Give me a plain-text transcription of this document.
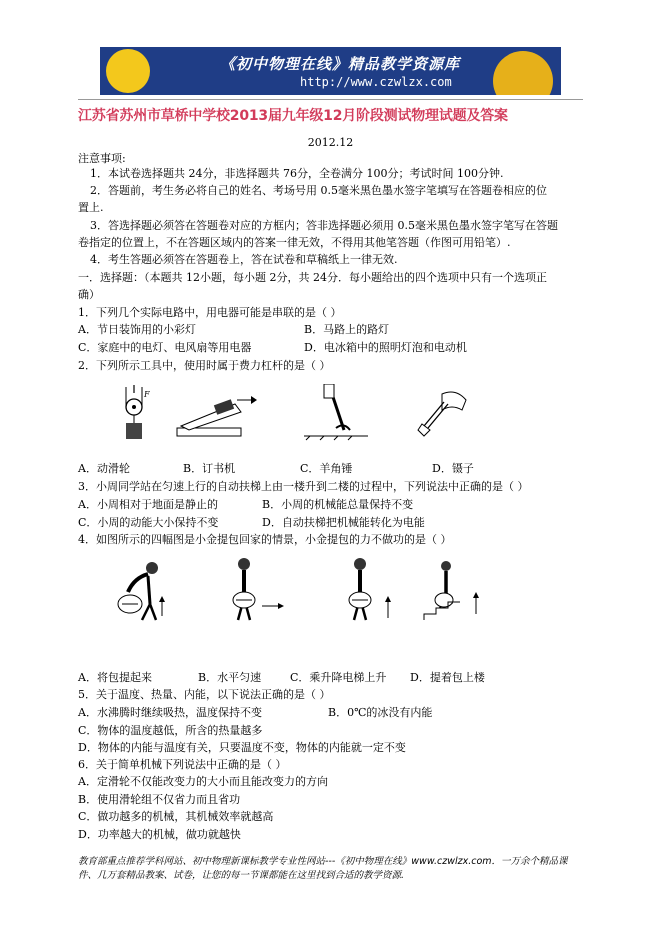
《初中物理在线》精品教学资源库
http://www.czwlzx.com
江苏省苏州市草桥中学校2013届九年级12月阶段测试物理试题及答案
2012.12
注意事项:
1．本试卷选择题共 24分，非选择题共 76分，全卷满分 100分；考试时间 100分钟.
2．答题前，考生务必将自己的姓名、考场号用 0.5毫米黑色墨水签字笔填写在答题卷相应的位
置上.
3．答选择题必须答在答题卷对应的方框内；答非选择题必须用 0.5毫米黑色墨水签字笔写在答题
卷指定的位置上，不在答题区域内的答案一律无效，不得用其他笔答题（作图可用铅笔）.
4．考生答题必须答在答题卷上，答在试卷和草稿纸上一律无效.
一．选择题：（本题共 12小题，每小题 2分，共 24分．每小题给出的四个选项中只有一个选项正
确）
1．下列几个实际电路中，用电器可能是串联的是（ ）
A．节日装饰用的小彩灯	B．马路上的路灯
C．家庭中的电灯、电风扇等用电器	D．电冰箱中的照明灯泡和电动机
2．下列所示工具中，使用时属于费力杠杆的是（ ）
F
A．动滑轮	B．订书机	C．羊角锤	D．镊子
3．小周同学站在匀速上行的自动扶梯上由一楼升到二楼的过程中，下列说法中正确的是（ ）
A．小周相对于地面是静止的	B．小周的机械能总量保持不变
C．小周的动能大小保持不变	D．自动扶梯把机械能转化为电能
4．如图所示的四幅图是小金提包回家的情景，小金提包的力不做功的是（ ）
A．将包提起来	B．水平匀速	C．乘升降电梯上升 D．提着包上楼
5．关于温度、热量、内能，以下说法正确的是（ ）
A．水沸腾时继续吸热，温度保持不变	B．0℃的冰没有内能
C．物体的温度越低，所含的热量越多
D．物体的内能与温度有关，只要温度不变，物体的内能就一定不变
6．关于简单机械下列说法中正确的是（ ）
A．定滑轮不仅能改变力的大小而且能改变力的方向
B．使用滑轮组不仅省力而且省功
C．做功越多的机械，其机械效率就越高
D．功率越大的机械，做功就越快
教育部重点推荐学科网站、初中物理新课标教学专业性网站---《初中物理在线》www.czwlzx.com．一万余个精品课件、几万套精品教案、试卷，让您的每一节课都能在这里找到合适的教学资源.
